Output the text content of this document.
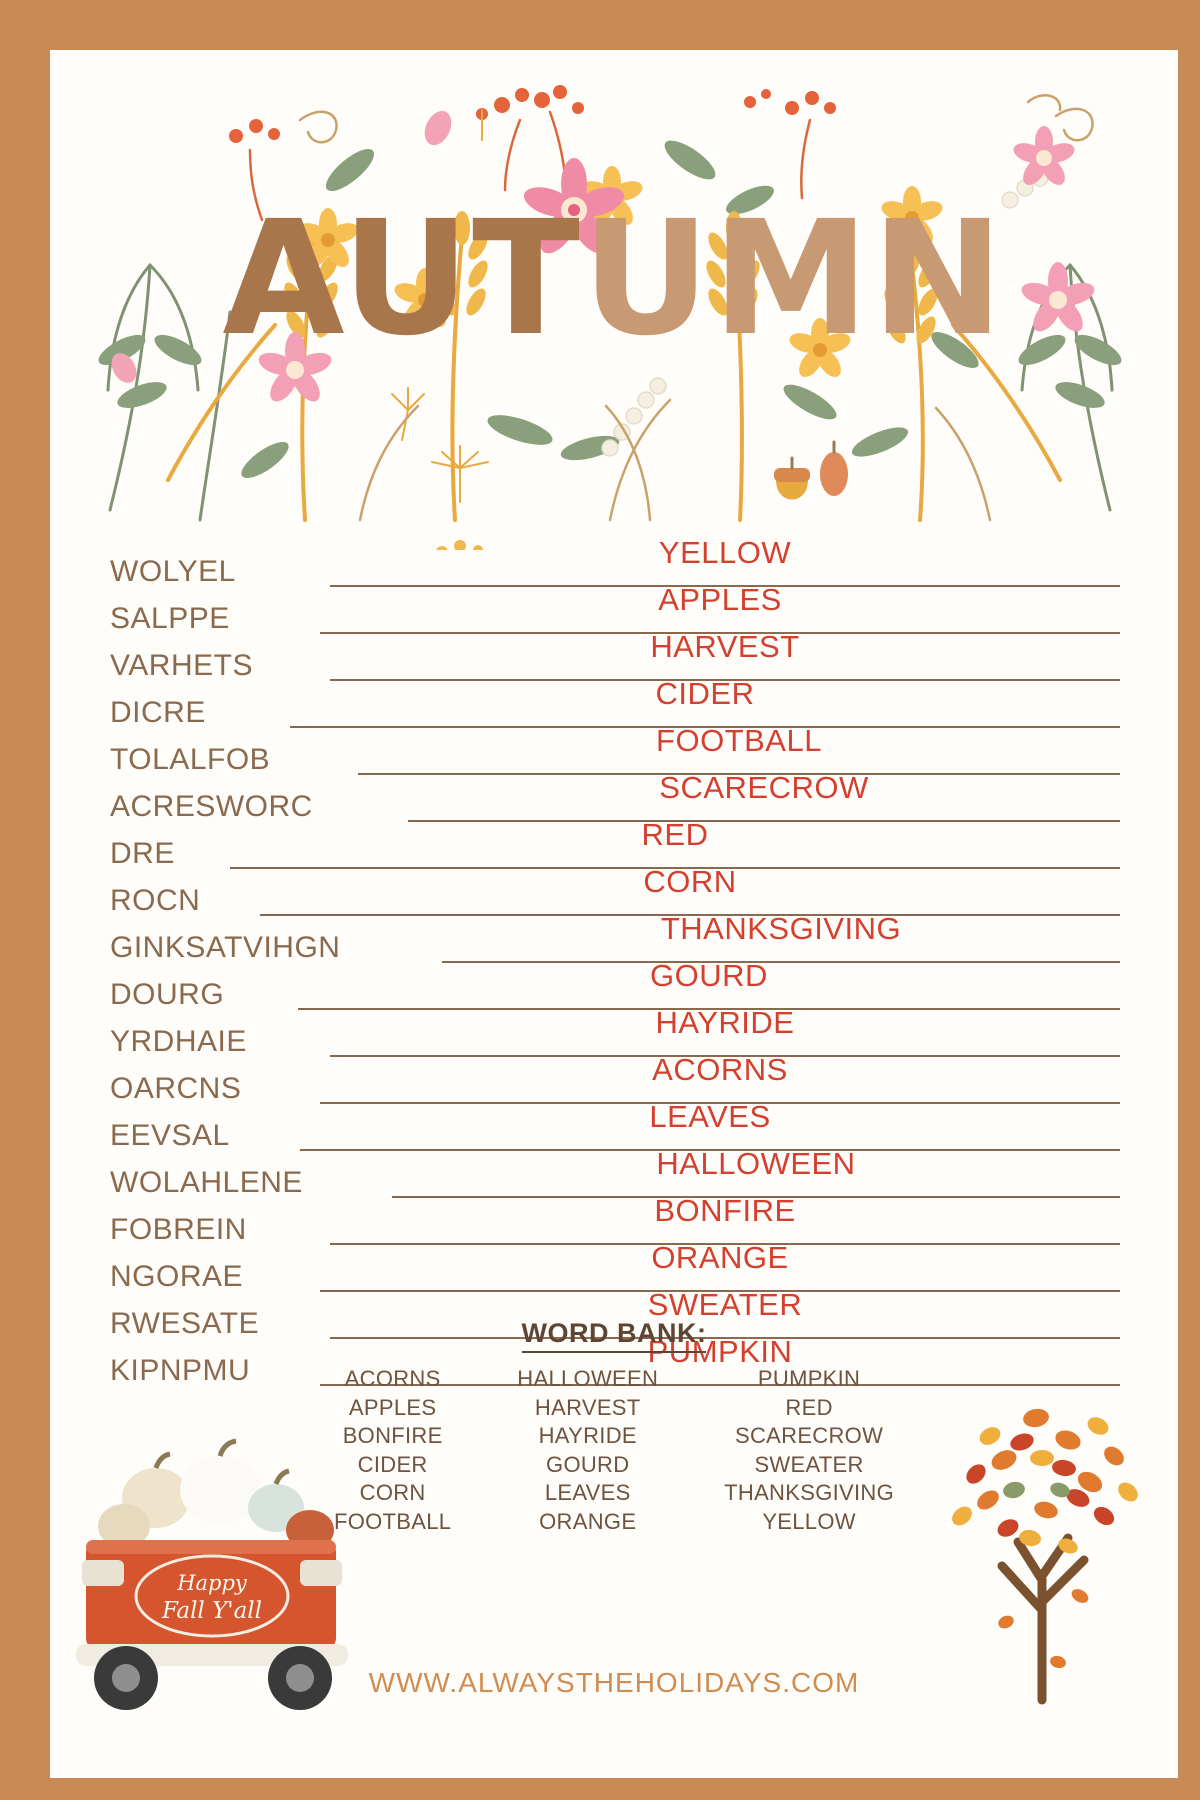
AUTUMN
WOLYEL
YELLOW
SALPPE
APPLES
VARHETS
HARVEST
DICRE
CIDER
TOLALFOB
FOOTBALL
ACRESWORC
SCARECROW
DRE
RED
ROCN
CORN
GINKSATVIHGN
THANKSGIVING
DOURG
GOURD
YRDHAIE
HAYRIDE
OARCNS
ACORNS
EEVSAL
LEAVES
WOLAHLENE
HALLOWEEN
FOBREIN
BONFIRE
NGORAE
ORANGE
RWESATE
SWEATER
KIPNPMU
PUMPKIN
WORD BANK:
ACORNS
APPLES
BONFIRE
CIDER
CORN
FOOTBALL
HALLOWEEN
HARVEST
HAYRIDE
GOURD
LEAVES
ORANGE
PUMPKIN
RED
SCARECROW
SWEATER
THANKSGIVING
YELLOW
Happy
Fall Y'all
WWW.ALWAYSTHEHOLIDAYS.COM
